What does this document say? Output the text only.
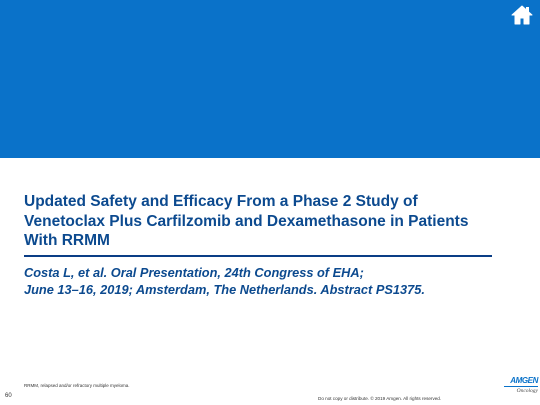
Updated Safety and Efficacy From a Phase 2 Study of Venetoclax Plus Carfilzomib and Dexamethasone in Patients With RRMM
Costa L, et al. Oral Presentation, 24th Congress of EHA;
June 13–16, 2019; Amsterdam, The Netherlands. Abstract PS1375.
RRMM, relapsed and/or refractory multiple myeloma.
60	Do not copy or distribute. © 2019 Amgen. All rights reserved.
AMGEN
Oncology
